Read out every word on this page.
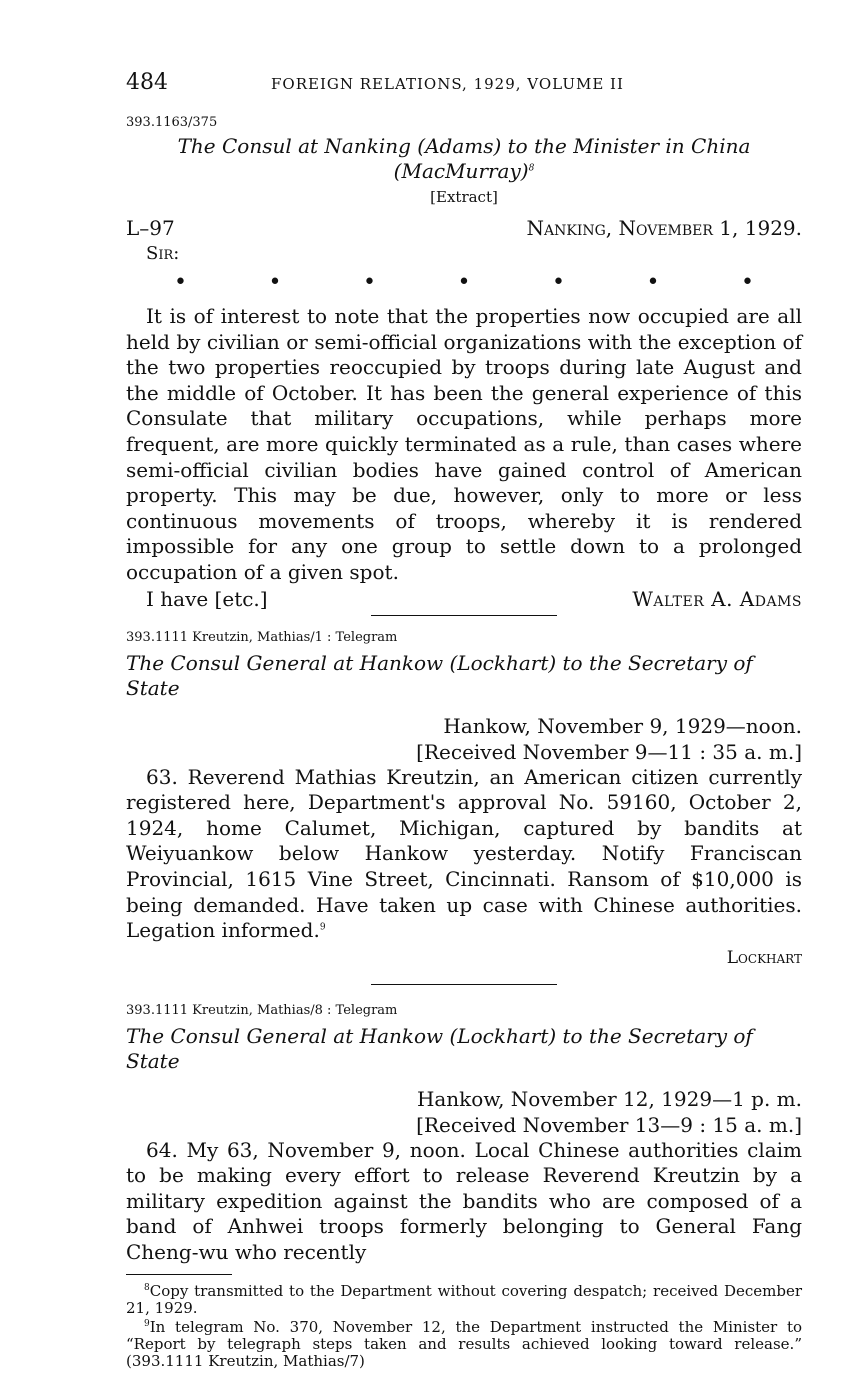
484	FOREIGN RELATIONS, 1929, VOLUME II
393.1163/375
The Consul at Nanking (Adams) to the Minister in China
(MacMurray)$^8$
[Extract]
L–97	Nanking, November 1, 1929.
Sir:
•	•	•	•	•	•	•

It is of interest to note that the properties now occupied are all held by civilian or semi-official organizations with the exception of the two properties reoccupied by troops during late August and the middle of October. It has been the general experience of this Consulate that military occupations, while perhaps more frequent, are more quickly terminated as a rule, than cases where semi-official civilian bodies have gained control of American property. This may be due, however, only to more or less continuous movements of troops, whereby it is rendered impossible for any one group to settle down to a prolonged occupation of a given spot.

I have [etc.]	Walter A. Adams
393.1111 Kreutzin, Mathias/1 : Telegram
The Consul General at Hankow (Lockhart) to the Secretary of State
Hankow, November 9, 1929—noon.
[Received November 9—11 : 35 a. m.]

63. Reverend Mathias Kreutzin, an American citizen currently registered here, Department's approval No. 59160, October 2, 1924, home Calumet, Michigan, captured by bandits at Weiyuankow below Hankow yesterday. Notify Franciscan Provincial, 1615 Vine Street, Cincinnati. Ransom of $10,000 is being demanded. Have taken up case with Chinese authorities. Legation informed.$^9$

Lockhart
393.1111 Kreutzin, Mathias/8 : Telegram
The Consul General at Hankow (Lockhart) to the Secretary of State
Hankow, November 12, 1929—1 p. m.
[Received November 13—9 : 15 a. m.]

64. My 63, November 9, noon. Local Chinese authorities claim to be making every effort to release Reverend Kreutzin by a military expedition against the bandits who are composed of a band of Anhwei troops formerly belonging to General Fang Cheng-wu who recently

$^8$Copy transmitted to the Department without covering despatch; received December 21, 1929.

$^9$In telegram No. 370, November 12, the Department instructed the Minister to “Report by telegraph steps taken and results achieved looking toward release.” (393.1111 Kreutzin, Mathias/7)
